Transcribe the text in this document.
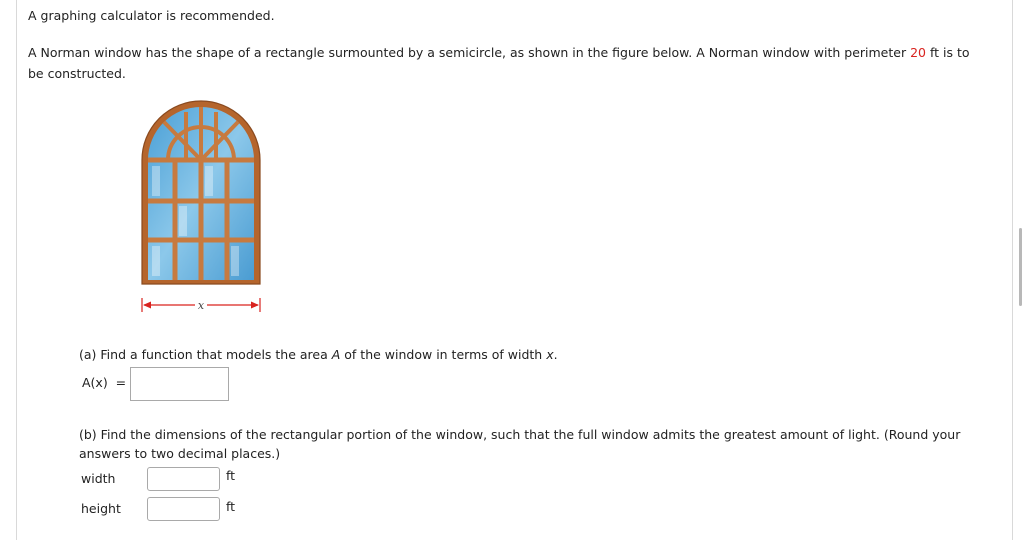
A graphing calculator is recommended.
A Norman window has the shape of a rectangle surmounted by a semicircle, as shown in the figure below. A Norman window with perimeter 20 ft is to
be constructed.
x
(a) Find a function that models the area A of the window in terms of width x.
A(x)  =
(b) Find the dimensions of the rectangular portion of the window, such that the full window admits the greatest amount of light. (Round your
answers to two decimal places.)
width	ft
height	ft
